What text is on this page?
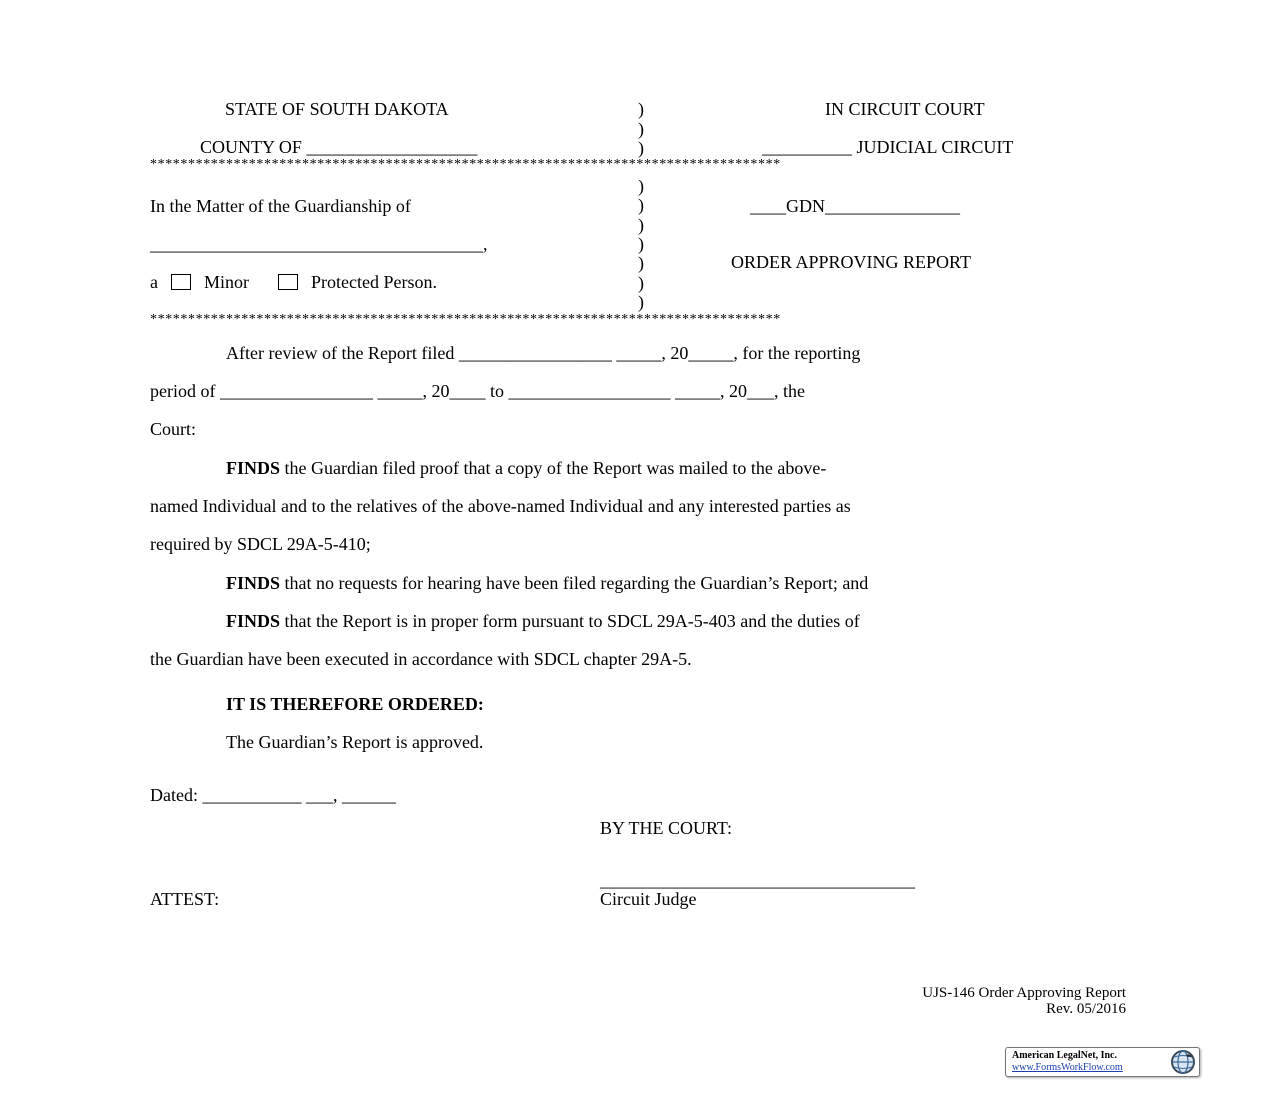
STATE OF SOUTH DAKOTA
COUNTY OF ___________________
IN CIRCUIT COURT
__________ JUDICIAL CIRCUIT
)
)
)
)
)
)
)
)
)
)
***********************************************************************************
***********************************************************************************
In the Matter of the Guardianship of
_____________________________________,
a	Minor	Protected Person.
____GDN_______________
ORDER APPROVING REPORT
After review of the Report filed _________________ _____, 20_____, for the reporting
period of _________________ _____, 20____ to __________________ _____, 20___, the
Court:
FINDS the Guardian filed proof that a copy of the Report was mailed to the above-
named Individual and to the relatives of the above-named Individual and any interested parties as
required by SDCL 29A-5-410;
FINDS that no requests for hearing have been filed regarding the Guardian’s Report; and
FINDS that the Report is in proper form pursuant to SDCL 29A-5-403 and the duties of
the Guardian have been executed in accordance with SDCL chapter 29A-5.
IT IS THEREFORE ORDERED:
The Guardian’s Report is approved.
Dated: ___________ ___, ______
BY THE COURT:
___________________________________
ATTEST:	Circuit Judge
UJS-146 Order Approving Report
Rev. 05/2016
American LegalNet, Inc.
www.FormsWorkFlow.com
